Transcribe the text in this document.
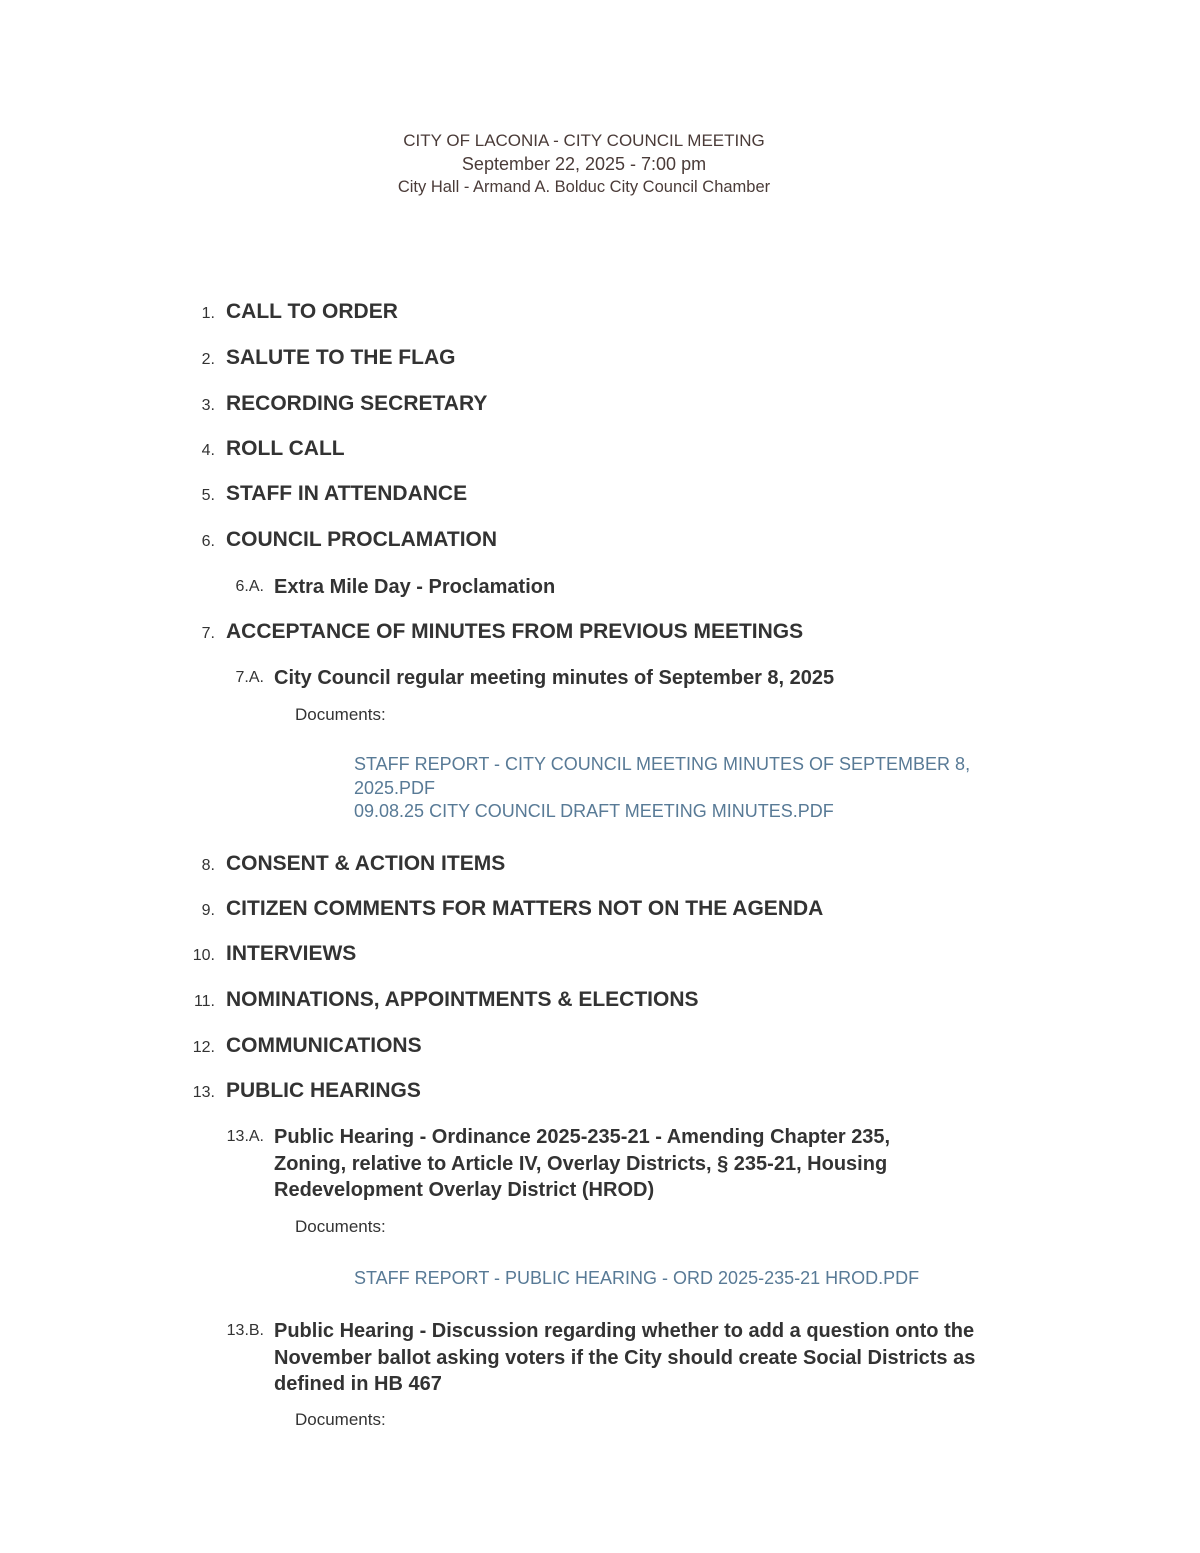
CITY OF LACONIA - CITY COUNCIL MEETING
September 22, 2025 - 7:00 pm
City Hall - Armand A. Bolduc City Council Chamber
1. CALL TO ORDER
2. SALUTE TO THE FLAG
3. RECORDING SECRETARY
4. ROLL CALL
5. STAFF IN ATTENDANCE
6. COUNCIL PROCLAMATION
6.A. Extra Mile Day - Proclamation
7. ACCEPTANCE OF MINUTES FROM PREVIOUS MEETINGS
7.A. City Council regular meeting minutes of September 8, 2025
Documents:
STAFF REPORT - CITY COUNCIL MEETING MINUTES OF SEPTEMBER 8, 2025.PDF
09.08.25 CITY COUNCIL DRAFT MEETING MINUTES.PDF
8. CONSENT & ACTION ITEMS
9. CITIZEN COMMENTS FOR MATTERS NOT ON THE AGENDA
10. INTERVIEWS
11. NOMINATIONS, APPOINTMENTS & ELECTIONS
12. COMMUNICATIONS
13. PUBLIC HEARINGS
13.A. Public Hearing - Ordinance 2025-235-21 - Amending Chapter 235, Zoning, relative to Article IV, Overlay Districts, § 235-21, Housing Redevelopment Overlay District (HROD)
Documents:
STAFF REPORT - PUBLIC HEARING - ORD 2025-235-21 HROD.PDF
13.B. Public Hearing - Discussion regarding whether to add a question onto the November ballot asking voters if the City should create Social Districts as defined in HB 467
Documents:
